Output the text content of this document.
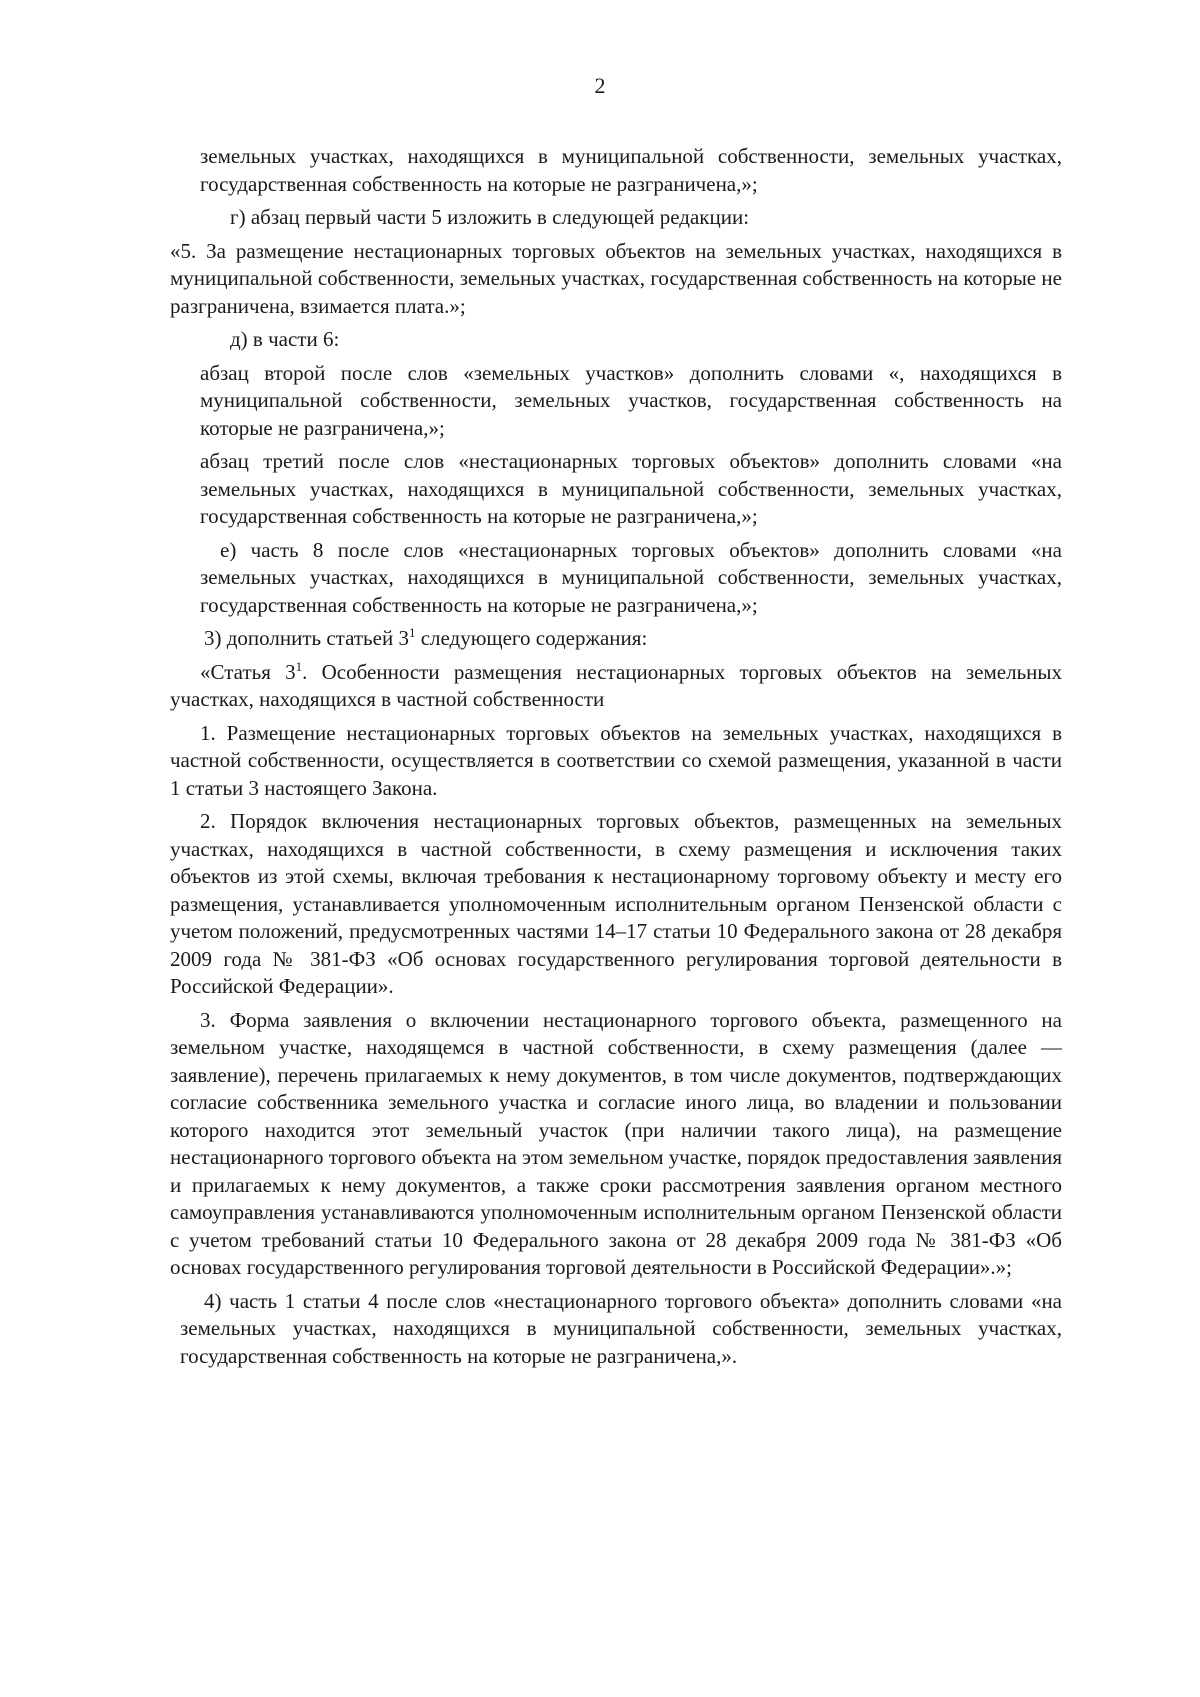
2

земельных участках, находящихся в муниципальной собственности, земельных участках, государственная собственность на которые не разграничена,»;

г) абзац первый части 5 изложить в следующей редакции:

«5. За размещение нестационарных торговых объектов на земельных участках, находящихся в муниципальной собственности, земельных участках, государственная собственность на которые не разграничена, взимается плата.»;

д) в части 6:

абзац второй после слов «земельных участков» дополнить словами «, находящихся в муниципальной собственности, земельных участков, государственная собственность на которые не разграничена,»;

абзац третий после слов «нестационарных торговых объектов» дополнить словами «на земельных участках, находящихся в муниципальной собственности, земельных участках, государственная собственность на которые не разграничена,»;

е) часть 8 после слов «нестационарных торговых объектов» дополнить словами «на земельных участках, находящихся в муниципальной собственности, земельных участках, государственная собственность на которые не разграничена,»;

3) дополнить статьей $3^1$ следующего содержания:

«Статья $3^1$. Особенности размещения нестационарных торговых объектов на земельных участках, находящихся в частной собственности

1. Размещение нестационарных торговых объектов на земельных участках, находящихся в частной собственности, осуществляется в соответствии со схемой размещения, указанной в части 1 статьи 3 настоящего Закона.

2. Порядок включения нестационарных торговых объектов, размещенных на земельных участках, находящихся в частной собственности, в схему размещения и исключения таких объектов из этой схемы, включая требования к нестационарному торговому объекту и месту его размещения, устанавливается уполномоченным исполнительным органом Пензенской области с учетом положений, предусмотренных частями 14–17 статьи 10 Федерального закона от 28 декабря 2009 года № 381-ФЗ «Об основах государственного регулирования торговой деятельности в Российской Федерации».

3. Форма заявления о включении нестационарного торгового объекта, размещенного на земельном участке, находящемся в частной собственности, в схему размещения (далее — заявление), перечень прилагаемых к нему документов, в том числе документов, подтверждающих согласие собственника земельного участка и согласие иного лица, во владении и пользовании которого находится этот земельный участок (при наличии такого лица), на размещение нестационарного торгового объекта на этом земельном участке, порядок предоставления заявления и прилагаемых к нему документов, а также сроки рассмотрения заявления органом местного самоуправления устанавливаются уполномоченным исполнительным органом Пензенской области с учетом требований статьи 10 Федерального закона от 28 декабря 2009 года № 381-ФЗ «Об основах государственного регулирования торговой деятельности в Российской Федерации».»;

4) часть 1 статьи 4 после слов «нестационарного торгового объекта» дополнить словами «на земельных участках, находящихся в муниципальной собственности, земельных участках, государственная собственность на которые не разграничена,».
